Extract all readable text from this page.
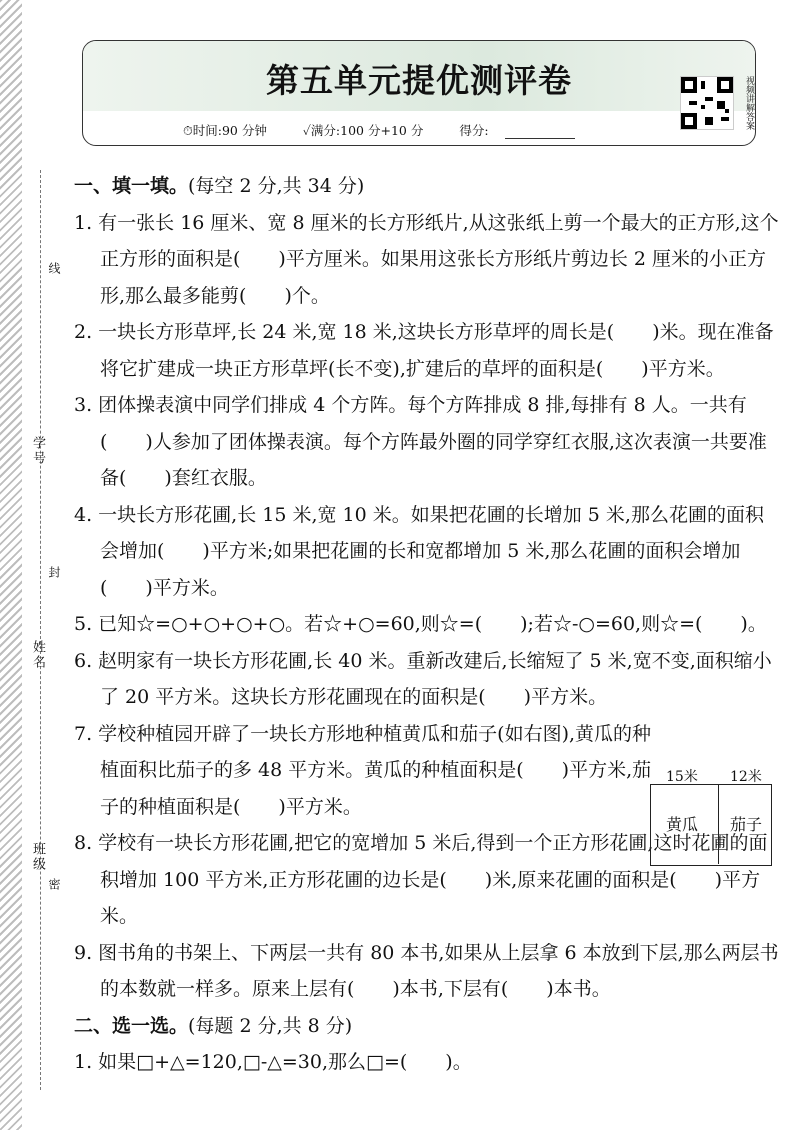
线
学号
封
姓名
班级
密
第五单元提优测评卷
⏱时间:90 分钟	✓满分:100 分+10 分	得分:
视频讲解答案
一、填一填。(每空 2 分,共 34 分)

1. 有一张长 16 厘米、宽 8 厘米的长方形纸片,从这张纸上剪一个最大的正方形,这个正方形的面积是(　　)平方厘米。如果用这张长方形纸片剪边长 2 厘米的小正方形,那么最多能剪(　　)个。

2. 一块长方形草坪,长 24 米,宽 18 米,这块长方形草坪的周长是(　　)米。现在准备将它扩建成一块正方形草坪(长不变),扩建后的草坪的面积是(　　)平方米。

3. 团体操表演中同学们排成 4 个方阵。每个方阵排成 8 排,每排有 8 人。一共有(　　)人参加了团体操表演。每个方阵最外圈的同学穿红衣服,这次表演一共要准备(　　)套红衣服。

4. 一块长方形花圃,长 15 米,宽 10 米。如果把花圃的长增加 5 米,那么花圃的面积会增加(　　)平方米;如果把花圃的长和宽都增加 5 米,那么花圃的面积会增加(　　)平方米。

5. 已知☆=○+○+○+○。若☆+○=60,则☆=(　　);若☆-○=60,则☆=(　　)。

6. 赵明家有一块长方形花圃,长 40 米。重新改建后,长缩短了 5 米,宽不变,面积缩小了 20 平方米。这块长方形花圃现在的面积是(　　)平方米。

7. 学校种植园开辟了一块长方形地种植黄瓜和茄子(如右图),黄瓜的种植面积比茄子的多 48 平方米。黄瓜的种植面积是(　　)平方米,茄子的种植面积是(　　)平方米。

8. 学校有一块长方形花圃,把它的宽增加 5 米后,得到一个正方形花圃,这时花圃的面积增加 100 平方米,正方形花圃的边长是(　　)米,原来花圃的面积是(　　)平方米。

9. 图书角的书架上、下两层一共有 80 本书,如果从上层拿 6 本放到下层,那么两层书的本数就一样多。原来上层有(　　)本书,下层有(　　)本书。

二、选一选。(每题 2 分,共 8 分)

1. 如果□+△=120,□-△=30,那么□=(　　)。

15米 12米
黄瓜 茄子
